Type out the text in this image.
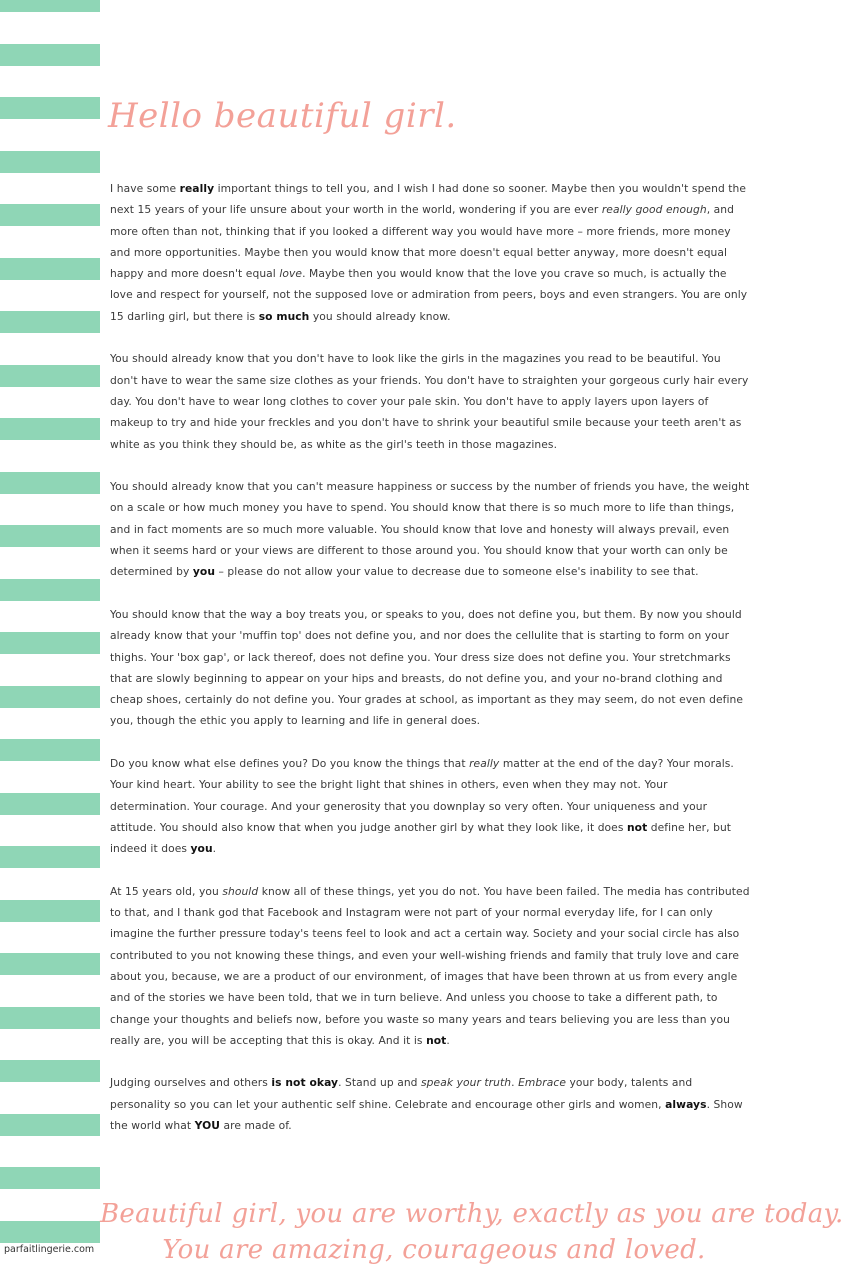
Hello beautiful girl.

I have some really important things to tell you, and I wish I had done so sooner. Maybe then you wouldn't spend the next 15 years of your life unsure about your worth in the world, wondering if you are ever really good enough, and more often than not, thinking that if you looked a different way you would have more – more friends, more money and more opportunities. Maybe then you would know that more doesn't equal better anyway, more doesn't equal happy and more doesn't equal love. Maybe then you would know that the love you crave so much, is actually the love and respect for yourself, not the supposed love or admiration from peers, boys and even strangers. You are only 15 darling girl, but there is so much you should already know.

You should already know that you don't have to look like the girls in the magazines you read to be beautiful. You don't have to wear the same size clothes as your friends. You don't have to straighten your gorgeous curly hair every day. You don't have to wear long clothes to cover your pale skin. You don't have to apply layers upon layers of makeup to try and hide your freckles and you don't have to shrink your beautiful smile because your teeth aren't as white as you think they should be, as white as the girl's teeth in those magazines.

You should already know that you can't measure happiness or success by the number of friends you have, the weight on a scale or how much money you have to spend. You should know that there is so much more to life than things, and in fact moments are so much more valuable. You should know that love and honesty will always prevail, even when it seems hard or your views are different to those around you. You should know that your worth can only be determined by you – please do not allow your value to decrease due to someone else's inability to see that.

You should know that the way a boy treats you, or speaks to you, does not define you, but them. By now you should already know that your 'muffin top' does not define you, and nor does the cellulite that is starting to form on your thighs. Your 'box gap', or lack thereof, does not define you. Your dress size does not define you. Your stretchmarks that are slowly beginning to appear on your hips and breasts, do not define you, and your no-brand clothing and cheap shoes, certainly do not define you. Your grades at school, as important as they may seem, do not even define you, though the ethic you apply to learning and life in general does.

Do you know what else defines you? Do you know the things that really matter at the end of the day? Your morals. Your kind heart. Your ability to see the bright light that shines in others, even when they may not. Your determination. Your courage. And your generosity that you downplay so very often. Your uniqueness and your attitude. You should also know that when you judge another girl by what they look like, it does not define her, but indeed it does you.

At 15 years old, you should know all of these things, yet you do not. You have been failed. The media has contributed to that, and I thank god that Facebook and Instagram were not part of your normal everyday life, for I can only imagine the further pressure today's teens feel to look and act a certain way. Society and your social circle has also contributed to you not knowing these things, and even your well-wishing friends and family that truly love and care about you, because, we are a product of our environment, of images that have been thrown at us from every angle and of the stories we have been told, that we in turn believe. And unless you choose to take a different path, to change your thoughts and beliefs now, before you waste so many years and tears believing you are less than you really are, you will be accepting that this is okay. And it is not.

Judging ourselves and others is not okay. Stand up and speak your truth. Embrace your body, talents and personality so you can let your authentic self shine. Celebrate and encourage other girls and women, always. Show the world what YOU are made of.

Beautiful girl, you are worthy, exactly as you are today.
You are amazing, courageous and loved.
parfaitlingerie.com
